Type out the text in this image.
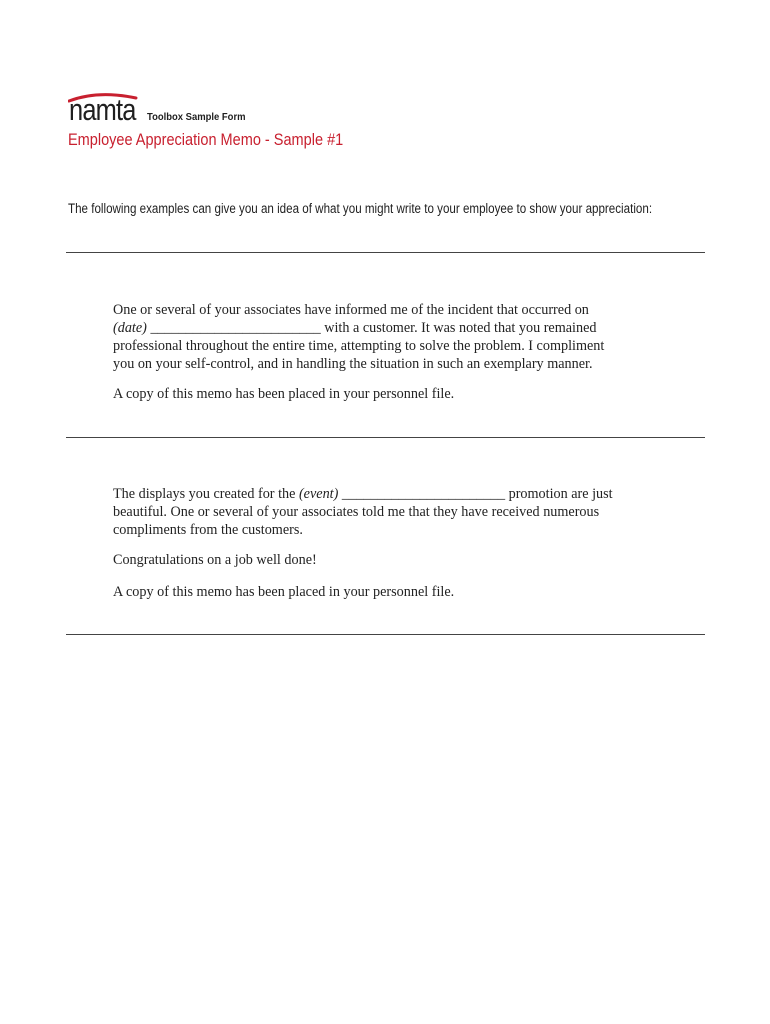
namta Toolbox Sample Form
Employee Appreciation Memo - Sample #1
The following examples can give you an idea of what you might write to your employee to show your appreciation:
One or several of your associates have informed me of the incident that occurred on
(date) ________________________ with a customer. It was noted that you remained
professional throughout the entire time, attempting to solve the problem. I compliment
you on your self-control, and in handling the situation in such an exemplary manner.

A copy of this memo has been placed in your personnel file.

The displays you created for the (event) _______________________ promotion are just
beautiful. One or several of your associates told me that they have received numerous
compliments from the customers.

Congratulations on a job well done!

A copy of this memo has been placed in your personnel file.
